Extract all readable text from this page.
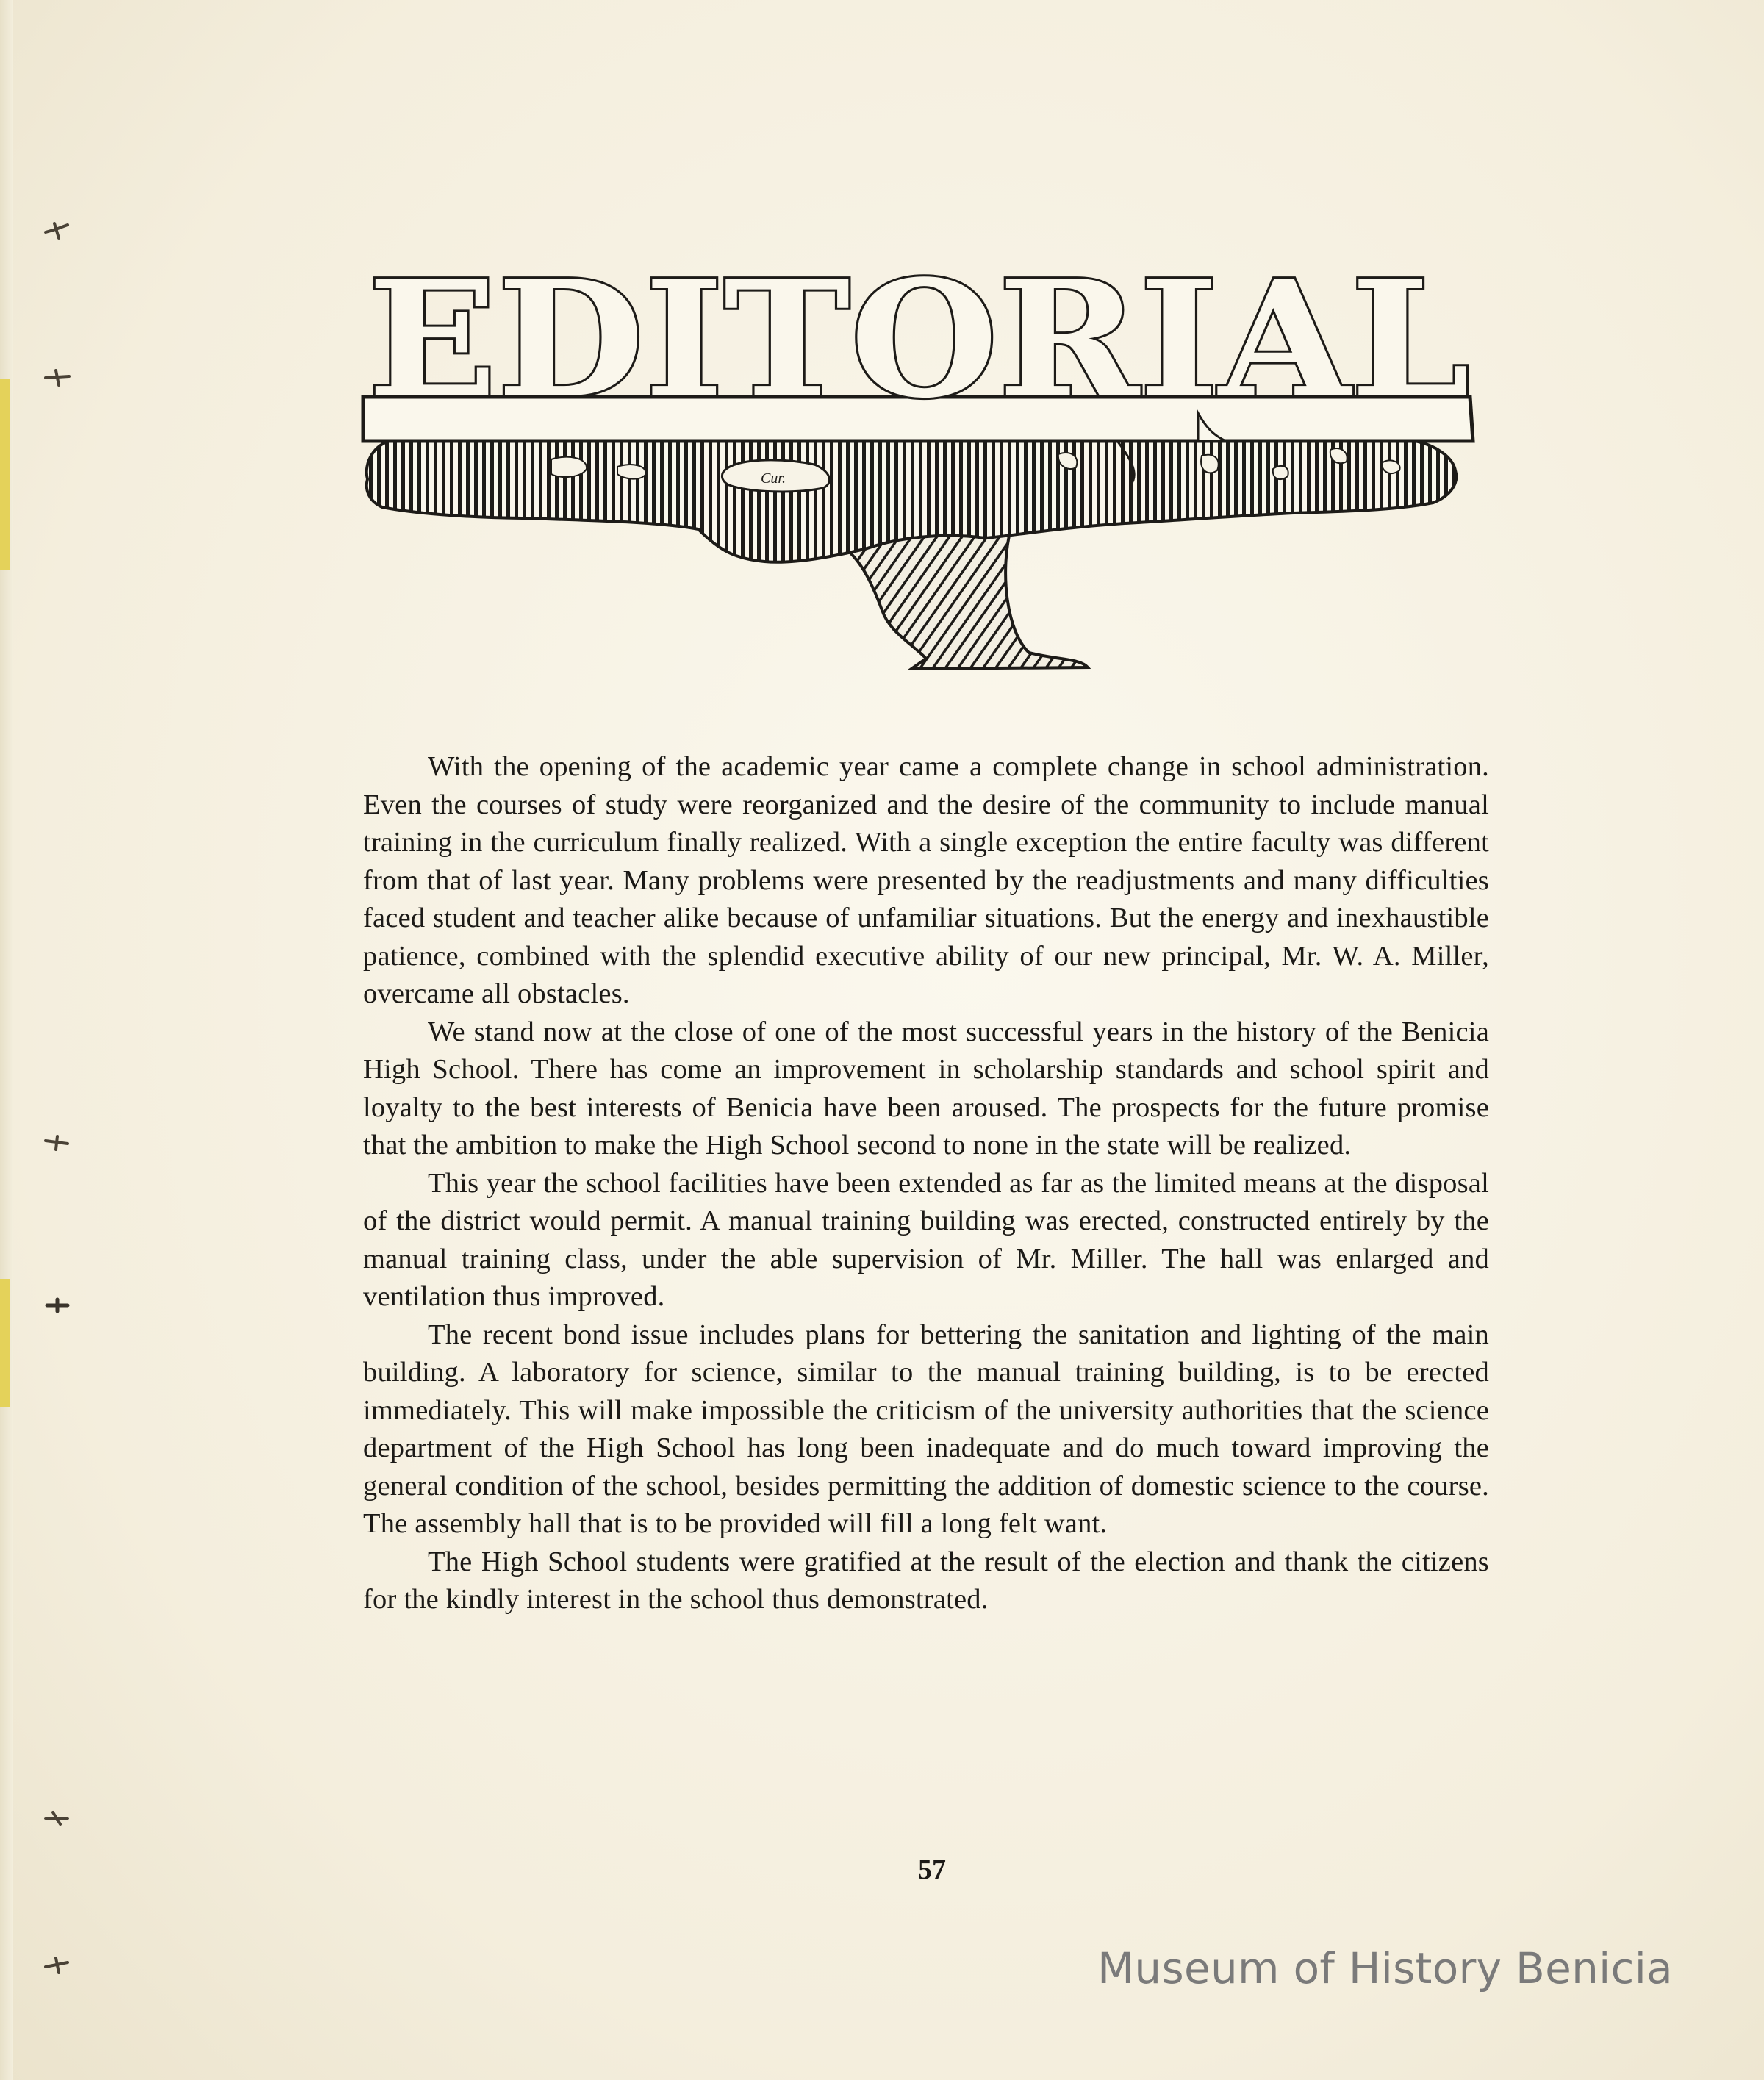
Cur.
EDITORIAL

With the opening of the academic year came a complete change in school administration. Even the courses of study were reorganized and the desire of the community to include manual training in the curriculum finally realized. With a single exception the entire faculty was different from that of last year. Many problems were presented by the readjustments and many difficulties faced student and teacher alike because of unfamiliar situations. But the energy and inexhaustible patience, combined with the splendid executive ability of our new principal, Mr. W. A. Miller, overcame all obstacles.

We stand now at the close of one of the most successful years in the history of the Benicia High School. There has come an improvement in scholarship standards and school spirit and loyalty to the best interests of Benicia have been aroused. The prospects for the future promise that the ambition to make the High School second to none in the state will be realized.

This year the school facilities have been extended as far as the limited means at the disposal of the district would permit. A manual training building was erected, constructed entirely by the manual training class, under the able supervision of Mr. Miller. The hall was enlarged and ventilation thus improved.

The recent bond issue includes plans for bettering the sanitation and lighting of the main building. A laboratory for science, similar to the manual training building, is to be erected immediately. This will make impossible the criticism of the university authorities that the science department of the High School has long been inadequate and do much toward improving the general condition of the school, besides permitting the addition of domestic science to the course. The assembly hall that is to be provided will fill a long felt want.

The High School students were gratified at the result of the election and thank the citizens for the kindly interest in the school thus demonstrated.

57
Museum of History Benicia
